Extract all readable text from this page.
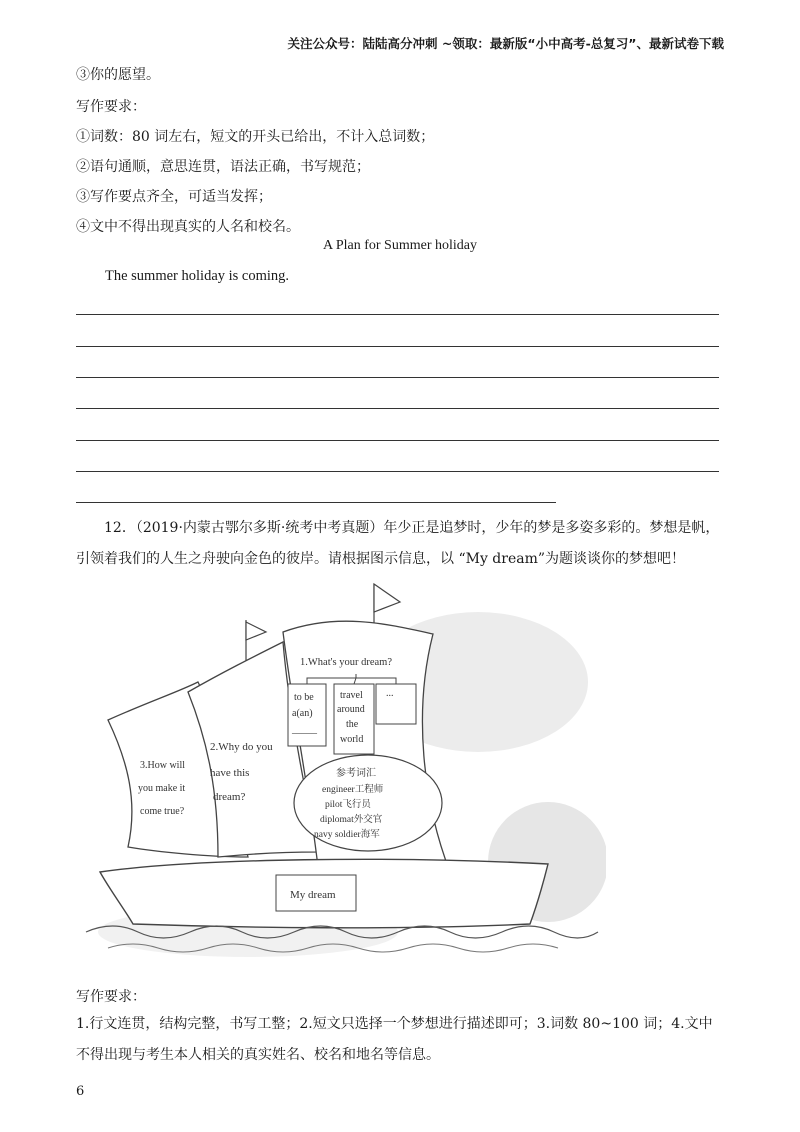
关注公众号：陆陆高分冲刺 ~领取：最新版“小中高考-总复习”、最新试卷下载
③你的愿望。
写作要求：
①词数：80 词左右，短文的开头已给出，不计入总词数；
②语句通顺，意思连贯，语法正确，书写规范；
③写作要点齐全，可适当发挥；
④文中不得出现真实的人名和校名。
A Plan for Summer holiday
The summer holiday is coming.
12．（2019·内蒙古鄂尔多斯·统考中考真题）年少正是追梦时，少年的梦是多姿多彩的。梦想是帆，引领着我们的人生之舟驶向金色的彼岸。请根据图示信息，以 “My dream”为题谈谈你的梦想吧！
3.How will
you make it
come true?
2.Why do you
have this
dream?
1.What's your dream?
to be
a(an)
_____
travel
around
the
world
...
参考词汇
engineer工程师
pilot飞行员
diplomat外交官
navy soldier海军
My dream
写作要求：
1.行文连贯，结构完整，书写工整；2.短文只选择一个梦想进行描述即可；3.词数 80~100 词；4.文中不得出现与考生本人相关的真实姓名、校名和地名等信息。
6
